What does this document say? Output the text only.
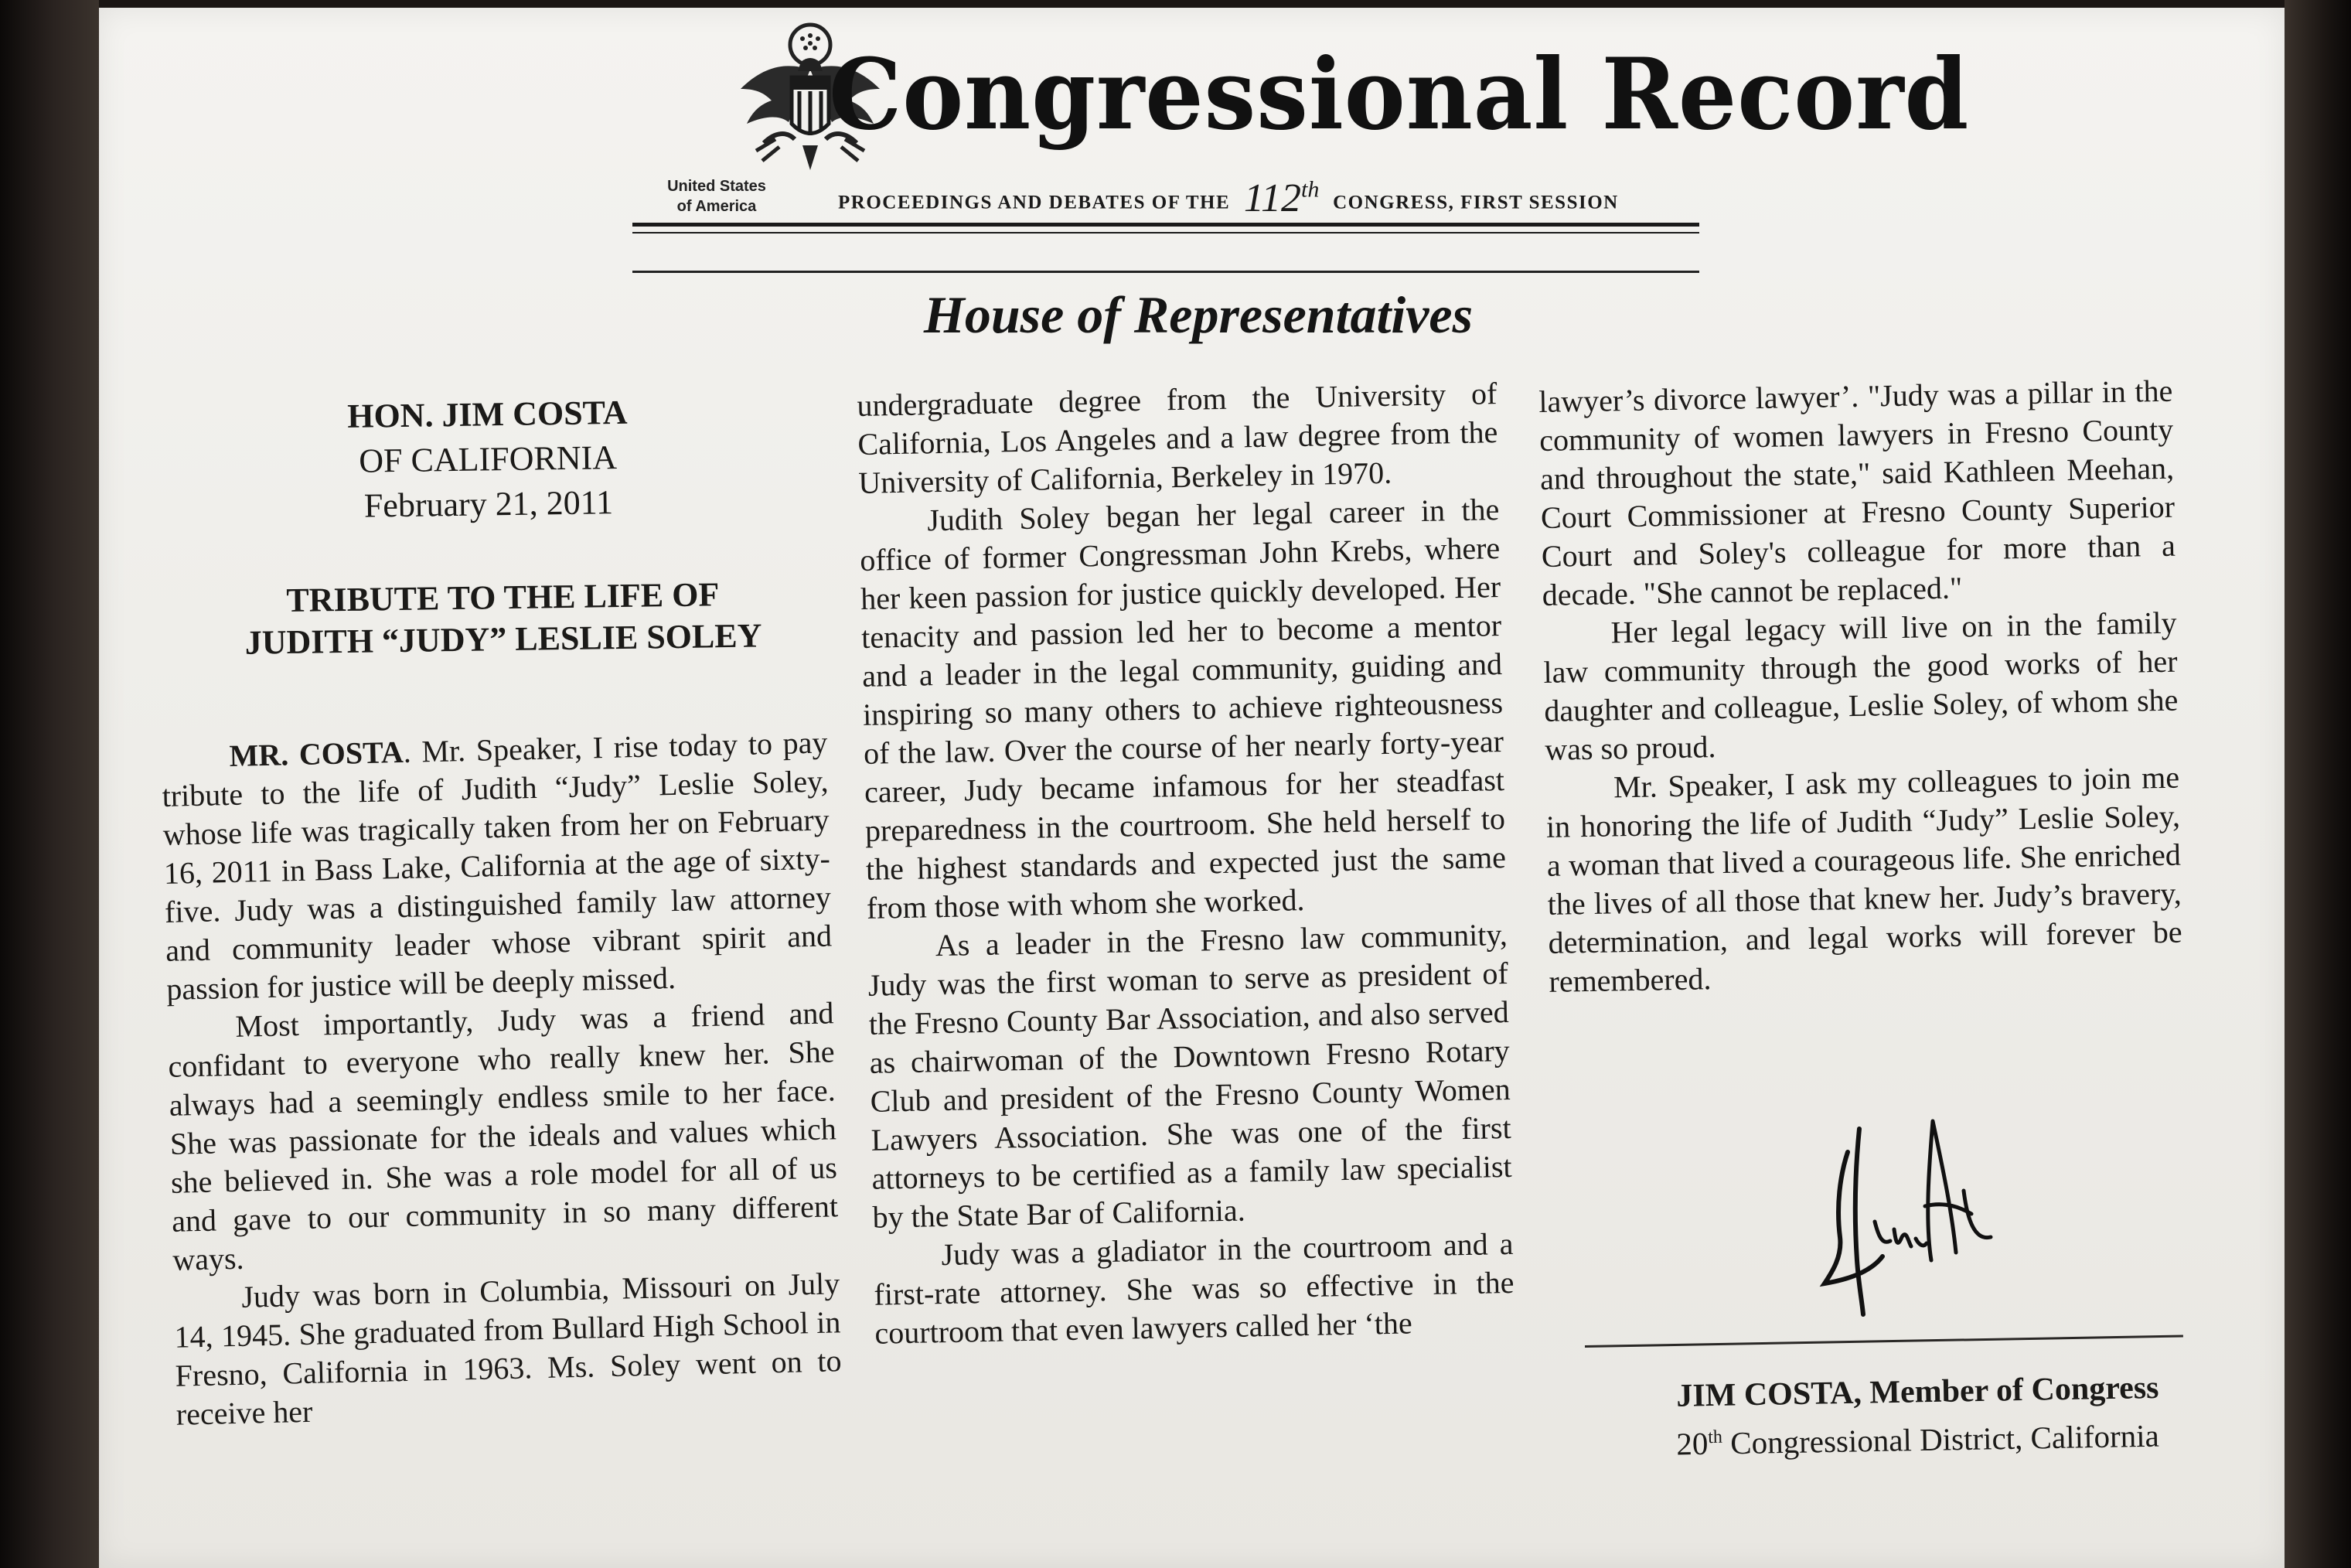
United States
of America
Congressional Record
PROCEEDINGS AND DEBATES OF THE 112th CONGRESS, FIRST SESSION
House of Representatives
HON. JIM COSTA
OF CALIFORNIA
February 21, 2011
TRIBUTE TO THE LIFE OF
JUDITH “JUDY” LESLIE SOLEY

MR. COSTA. Mr. Speaker, I rise today to pay tribute to the life of Judith “Judy” Leslie Soley, whose life was tragically taken from her on February 16, 2011 in Bass Lake, California at the age of sixty-five. Judy was a distinguished family law attorney and community leader whose vibrant spirit and passion for justice will be deeply missed.

Most importantly, Judy was a friend and confidant to everyone who really knew her. She always had a seemingly endless smile to her face. She was passionate for the ideals and values which she believed in. She was a role model for all of us and gave to our community in so many different ways.

Judy was born in Columbia, Missouri on July 14, 1945. She graduated from Bullard High School in Fresno, California in 1963. Ms. Soley went on to receive her

undergraduate degree from the University of California, Los Angeles and a law degree from the University of California, Berkeley in 1970.

Judith Soley began her legal career in the office of former Congressman John Krebs, where her keen passion for justice quickly developed. Her tenacity and passion led her to become a mentor and a leader in the legal community, guiding and inspiring so many others to achieve righteousness of the law. Over the course of her nearly forty-year career, Judy became infamous for her steadfast preparedness in the courtroom. She held herself to the highest standards and expected just the same from those with whom she worked.

As a leader in the Fresno law community, Judy was the first woman to serve as president of the Fresno County Bar Association, and also served as chairwoman of the Downtown Fresno Rotary Club and president of the Fresno County Women Lawyers Association. She was one of the first attorneys to be certified as a family law specialist by the State Bar of California.

Judy was a gladiator in the courtroom and a first-rate attorney. She was so effective in the courtroom that even lawyers called her ‘the

lawyer’s divorce lawyer’. "Judy was a pillar in the community of women lawyers in Fresno County and throughout the state," said Kathleen Meehan, Court Commissioner at Fresno County Superior Court and Soley's colleague for more than a decade. "She cannot be replaced."

Her legal legacy will live on in the family law community through the good works of her daughter and colleague, Leslie Soley, of whom she was so proud.

Mr. Speaker, I ask my colleagues to join me in honoring the life of Judith “Judy” Leslie Soley, a woman that lived a courageous life. She enriched the lives of all those that knew her. Judy’s bravery, determination, and legal works will forever be remembered.

JIM COSTA, Member of Congress
20th Congressional District, California
